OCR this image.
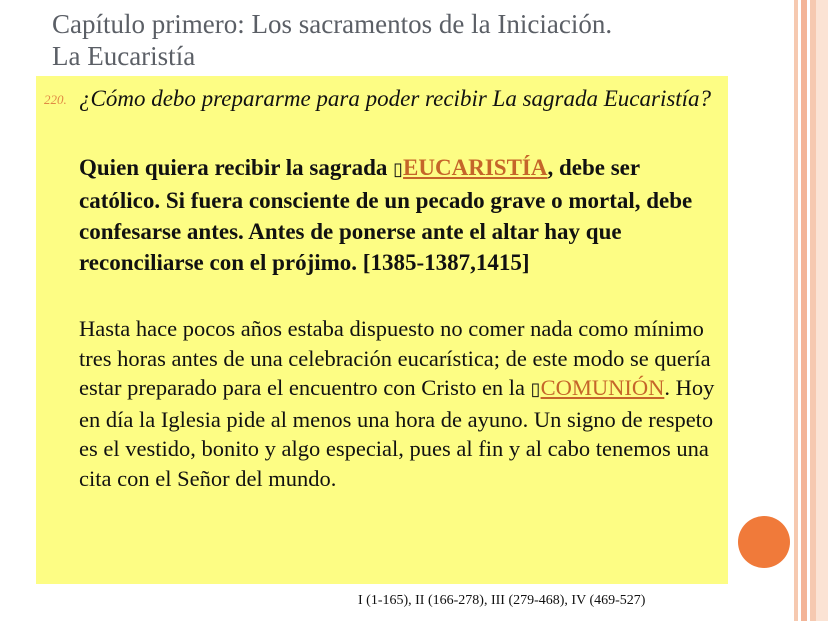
Capítulo primero: Los sacramentos de la Iniciación.
La Eucaristía
220. ¿Cómo debo prepararme para poder recibir La sagrada Eucaristía?
Quien quiera recibir la sagrada ▯EUCARISTÍA, debe ser católico. Si fuera consciente de un pecado grave o mortal, debe confesarse antes. Antes de ponerse ante el altar hay que reconciliarse con el prójimo. [1385-1387,1415]
Hasta hace pocos años estaba dispuesto no comer nada como mínimo tres horas antes de una celebración eucarística; de este modo se quería estar preparado para el encuentro con Cristo en la ▯COMUNIÓN. Hoy en día la Iglesia pide al menos una hora de ayuno. Un signo de respeto es el vestido, bonito y algo especial, pues al fin y al cabo tenemos una cita con el Señor del mundo.
I (1-165), II (166-278), III (279-468), IV (469-527)
